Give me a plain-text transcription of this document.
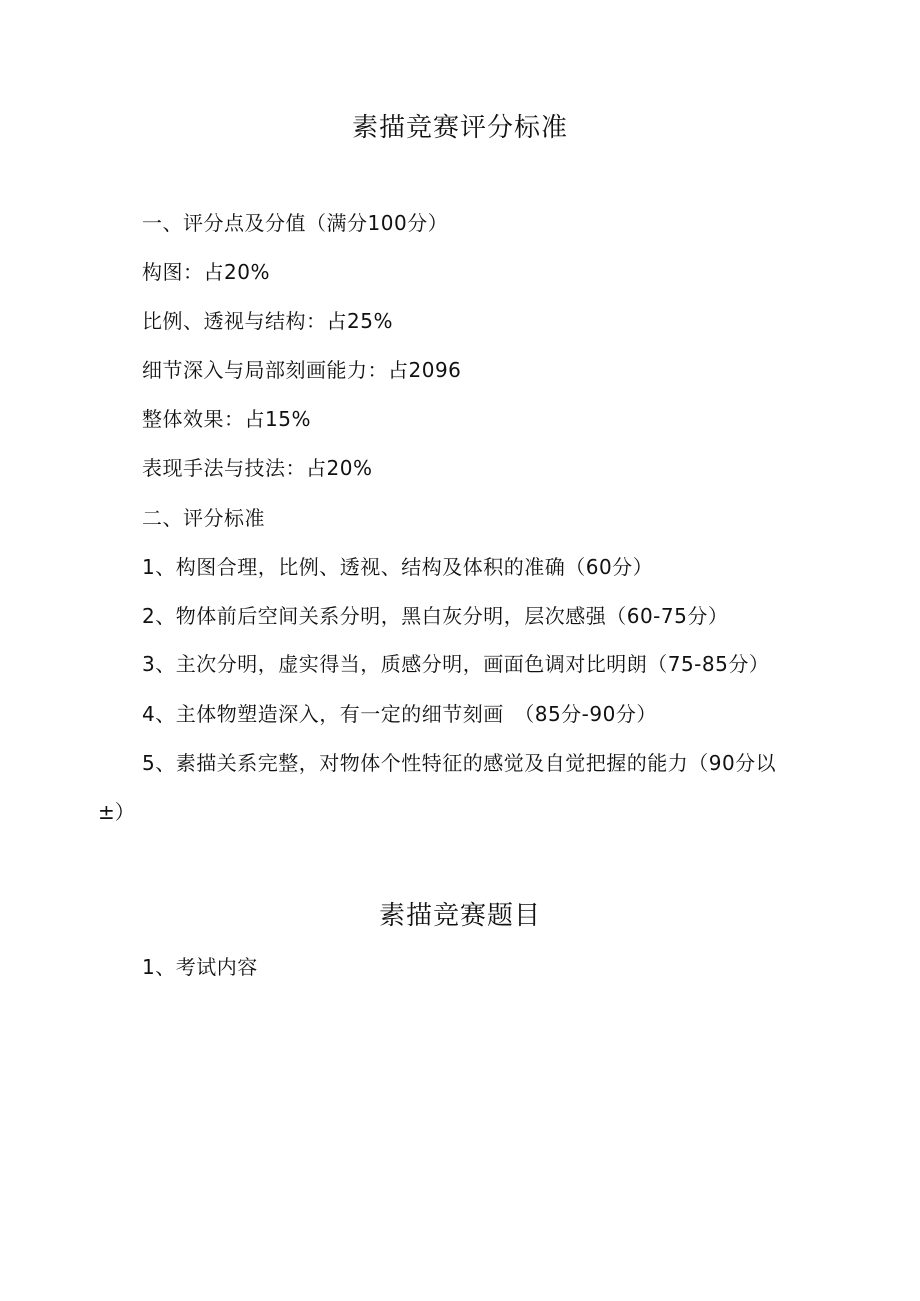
素描竞赛评分标准
一、评分点及分值（满分100分）
构图：占20%
比例、透视与结构：占25%
细节深入与局部刻画能力：占2096
整体效果：占15%
表现手法与技法：占20%
二、评分标准
1、构图合理，比例、透视、结构及体积的准确（60分）
2、物体前后空间关系分明，黑白灰分明，层次感强（60-75分）
3、主次分明，虚实得当，质感分明，画面色调对比明朗（75-85分）
4、主体物塑造深入，有一定的细节刻画　（85分-90分）
5、素描关系完整，对物体个性特征的感觉及自觉把握的能力（90分以
±）
素描竞赛题目
1、考试内容
